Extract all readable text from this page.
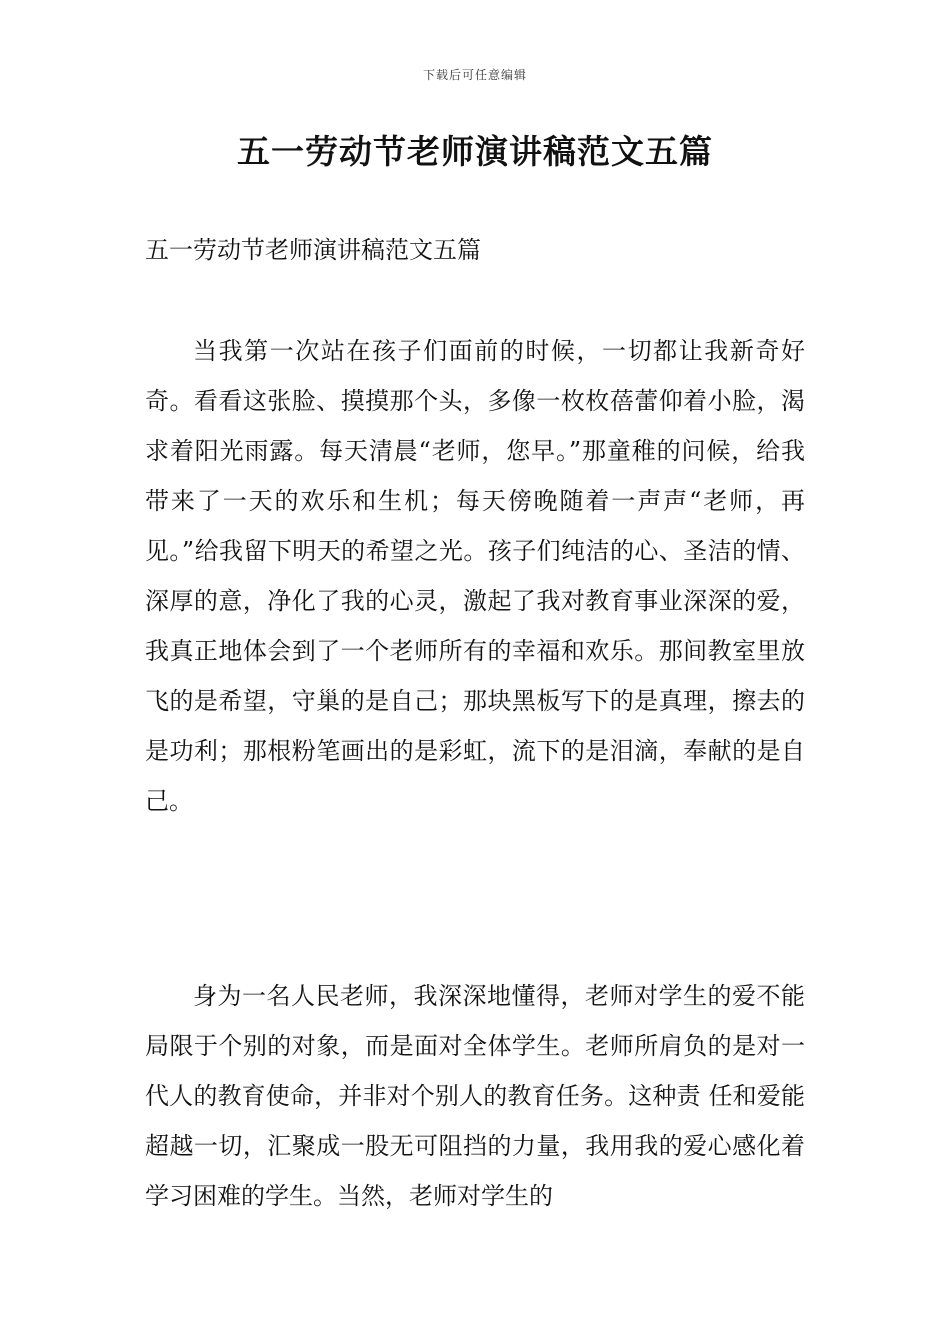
下载后可任意编辑
五一劳动节老师演讲稿范文五篇

五一劳动节老师演讲稿范文五篇

当我第一次站在孩子们面前的时候，一切都让我新奇好奇。看看这张脸、摸摸那个头，多像一枚枚蓓蕾仰着小脸，渴求着阳光雨露。每天清晨“老师，您早。”那童稚的问候，给我带来了一天的欢乐和生机；每天傍晚随着一声声“老师，再见。”给我留下明天的希望之光。孩子们纯洁的心、圣洁的情、深厚的意，净化了我的心灵，激起了我对教育事业深深的爱，我真正地体会到了一个老师所有的幸福和欢乐。那间教室里放飞的是希望，守巢的是自己；那块黑板写下的是真理，擦去的是功利；那根粉笔画出的是彩虹，流下的是泪滴，奉献的是自己。

身为一名人民老师，我深深地懂得，老师对学生的爱不能局限于个别的对象，而是面对全体学生。老师所肩负的是对一代人的教育使命，并非对个别人的教育任务。这种责 任和爱能超越一切，汇聚成一股无可阻挡的力量，我用我的爱心感化着学习困难的学生。当然，老师对学生的
